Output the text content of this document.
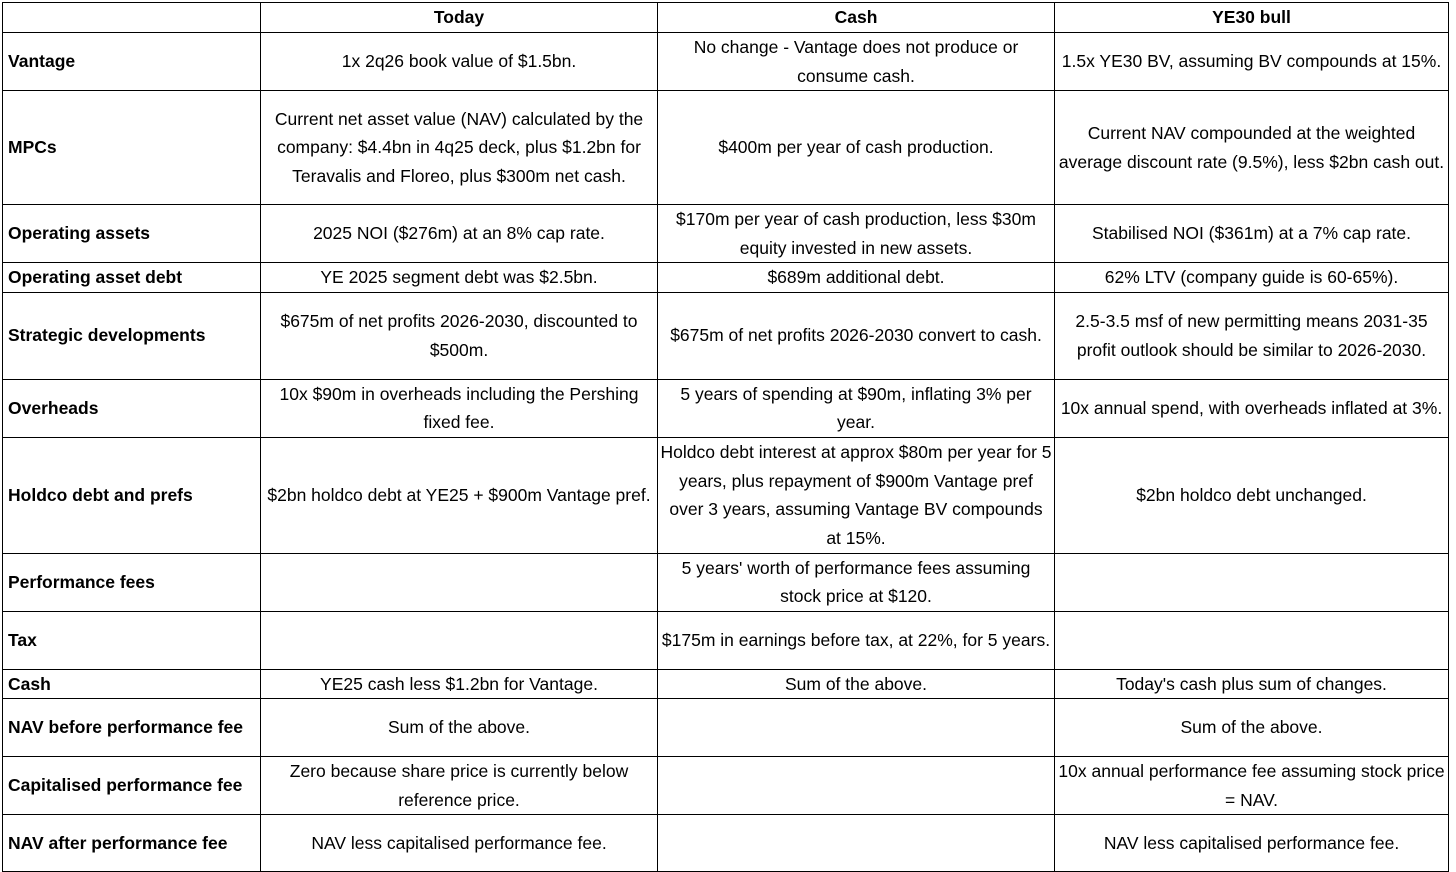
	Today	Cash	YE30 bull
Vantage	1x 2q26 book value of $1.5bn.	No change - Vantage does not produce or consume cash.	1.5x YE30 BV, assuming BV compounds at 15%.
MPCs	Current net asset value (NAV) calculated by the company: $4.4bn in 4q25 deck, plus $1.2bn for Teravalis and Floreo, plus $300m net cash.	$400m per year of cash production.	Current NAV compounded at the weighted average discount rate (9.5%), less $2bn cash out.
Operating assets	2025 NOI ($276m) at an 8% cap rate.	$170m per year of cash production, less $30m equity invested in new assets.	Stabilised NOI ($361m) at a 7% cap rate.
Operating asset debt	YE 2025 segment debt was $2.5bn.	$689m additional debt.	62% LTV (company guide is 60-65%).
Strategic developments	$675m of net profits 2026-2030, discounted to $500m.	$675m of net profits 2026-2030 convert to cash.	2.5-3.5 msf of new permitting means 2031-35 profit outlook should be similar to 2026-2030.
Overheads	10x $90m in overheads including the Pershing fixed fee.	5 years of spending at $90m, inflating 3% per year.	10x annual spend, with overheads inflated at 3%.
Holdco debt and prefs	$2bn holdco debt at YE25 + $900m Vantage pref.	Holdco debt interest at approx $80m per year for 5 years, plus repayment of $900m Vantage pref over 3 years, assuming Vantage BV compounds at 15%.	$2bn holdco debt unchanged.
Performance fees		5 years' worth of performance fees assuming stock price at $120.	
Tax		$175m in earnings before tax, at 22%, for 5 years.	
Cash	YE25 cash less $1.2bn for Vantage.	Sum of the above.	Today's cash plus sum of changes.
NAV before performance fee	Sum of the above.		Sum of the above.
Capitalised performance fee	Zero because share price is currently below reference price.		10x annual performance fee assuming stock price = NAV.
NAV after performance fee	NAV less capitalised performance fee.		NAV less capitalised performance fee.
